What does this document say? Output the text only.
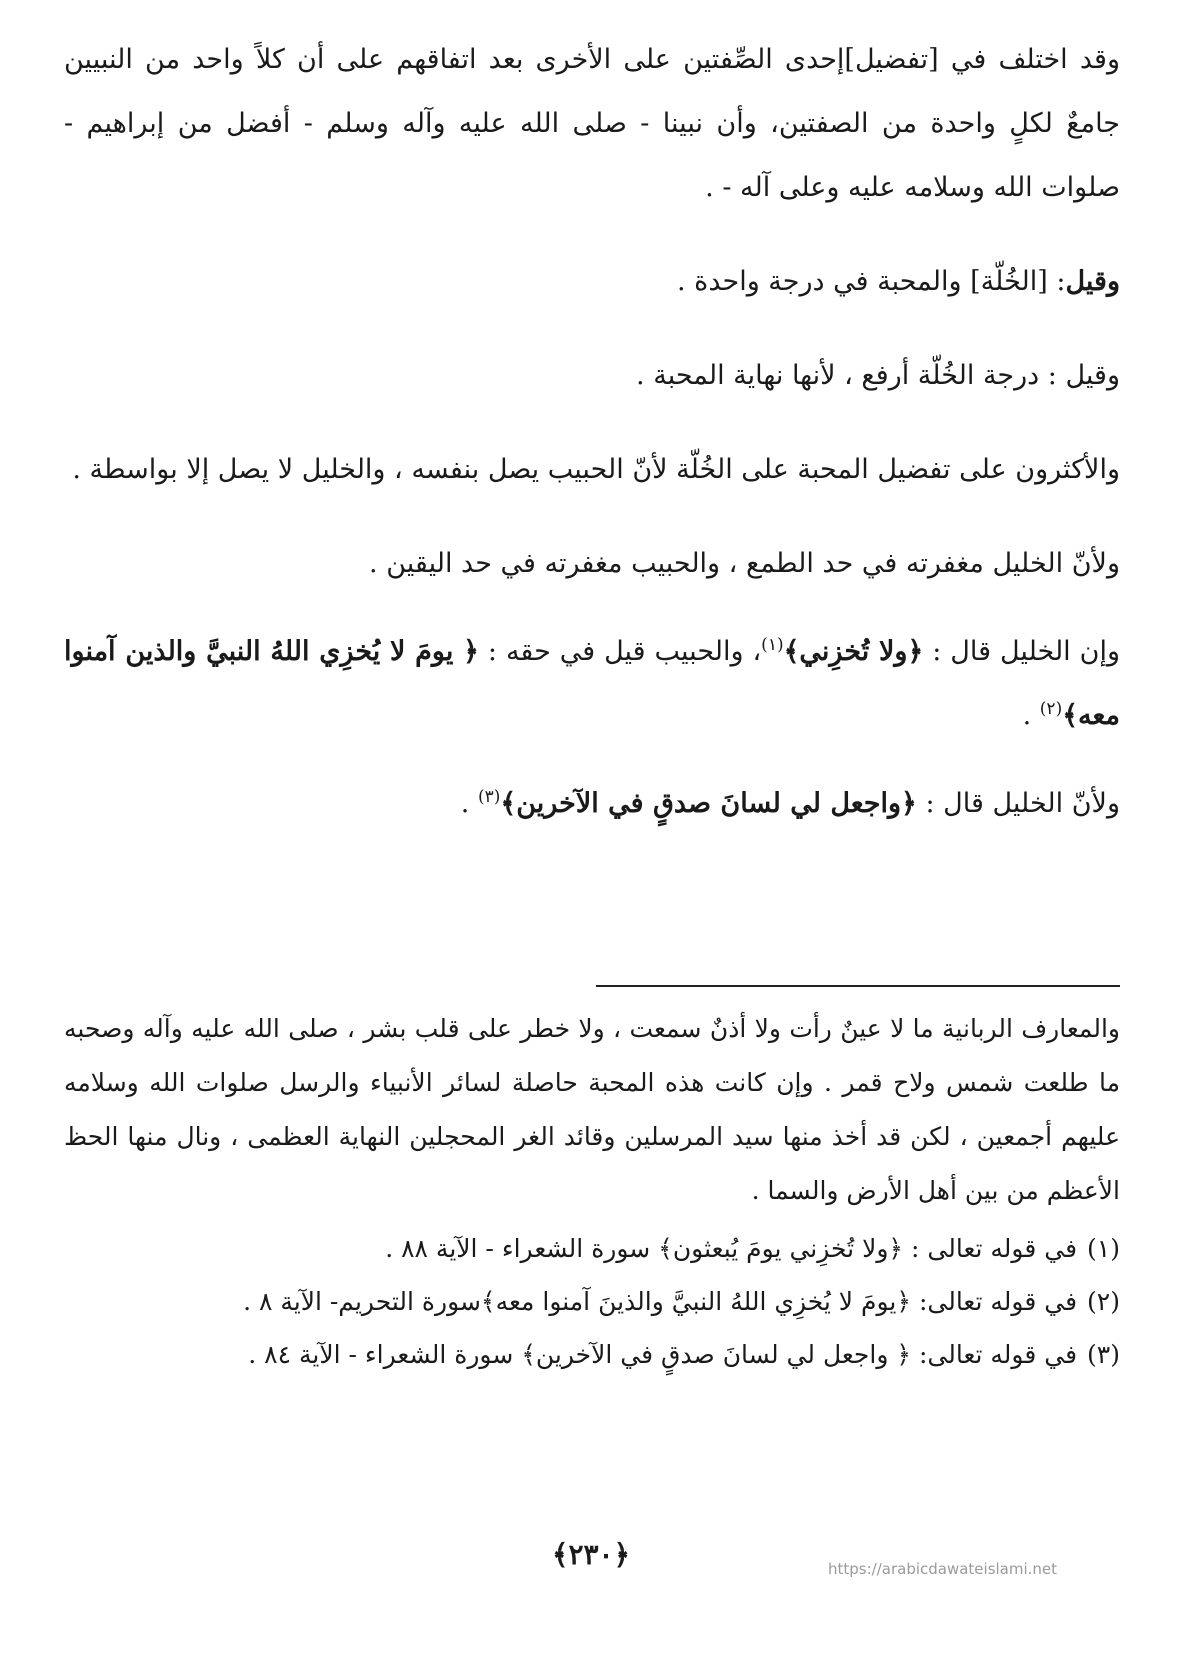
وقد اختلف في [تفضيل]إحدى الصِّفتين على الأخرى بعد اتفاقهم على أن كلاً واحد من النبيين جامعٌ لكلٍ واحدة من الصفتين، وأن نبينا - صلى الله عليه وآله وسلم - أفضل من إبراهيم - صلوات الله وسلامه عليه وعلى آله - .

وقيل: [الخُلّة] والمحبة في درجة واحدة .

وقيل : درجة الخُلّة أرفع ، لأنها نهاية المحبة .

والأكثرون على تفضيل المحبة على الخُلّة لأنّ الحبيب يصل بنفسه ، والخليل لا يصل إلا بواسطة .

ولأنّ الخليل مغفرته في حد الطمع ، والحبيب مغفرته في حد اليقين .

وإن الخليل قال : ﴿ولا تُخزِني﴾$^{(١)}$، والحبيب قيل في حقه : ﴿ يومَ لا يُخزِي اللهُ النبيَّ والذين آمنوا معه﴾$^{(٢)}$ .

ولأنّ الخليل قال : ﴿واجعل لي لسانَ صدقٍ في الآخرين﴾$^{(٣)}$ .

والمعارف الربانية ما لا عينٌ رأت ولا أذنٌ سمعت ، ولا خطر على قلب بشر ، صلى الله عليه وآله وصحبه ما طلعت شمس ولاح قمر . وإن كانت هذه المحبة حاصلة لسائر الأنبياء والرسل صلوات الله وسلامه عليهم أجمعين ، لكن قد أخذ منها سيد المرسلين وقائد الغر المحجلين النهاية العظمى ، ونال منها الحظ الأعظم من بين أهل الأرض والسما .

(١)في قوله تعالى : ﴿ولا تُخزِني يومَ يُبعثون﴾ سورة الشعراء - الآية ٨٨ .
(٢)في قوله تعالى: ﴿يومَ لا يُخزِي اللهُ النبيَّ والذينَ آمنوا معه﴾سورة التحريم- الآية ٨ .
(٣)في قوله تعالى: ﴿ واجعل لي لسانَ صدقٍ في الآخرين﴾ سورة الشعراء - الآية ٨٤ .
﴿٢٣٠﴾	https://arabicdawateislami.net
